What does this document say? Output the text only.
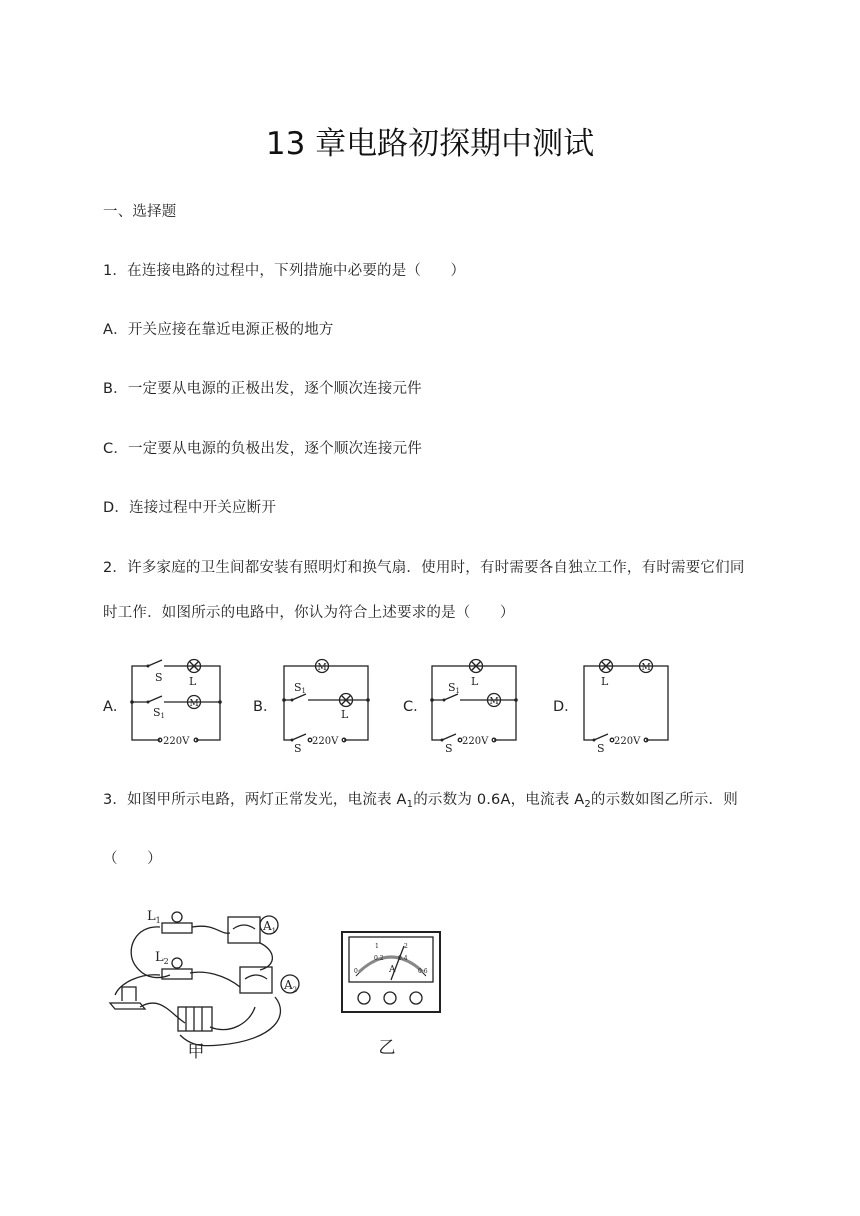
13 章电路初探期中测试
一、选择题
1．在连接电路的过程中，下列措施中必要的是（　　）
A．开关应接在靠近电源正极的地方
B．一定要从电源的正极出发，逐个顺次连接元件
C．一定要从电源的负极出发，逐个顺次连接元件
D．连接过程中开关应断开
2．许多家庭的卫生间都安装有照明灯和换气扇．使用时，有时需要各自独立工作，有时需要它们同
时工作．如图所示的电路中，你认为符合上述要求的是（　　）
A．	B．	C．	D．
S L
M
S1
220V
M
S1
L
S
220V
L
S1
M
S
220V
L
M
S
220V
3．如图甲所示电路，两灯正常发光，电流表 $A_1$的示数为 0.6A，电流表 $A_2$的示数如图乙所示．则
（　　）
$L_1$
$L_2$
$A_1$
$A_2$
甲
0
0.2 0.4
0.6
1	2
A
乙
